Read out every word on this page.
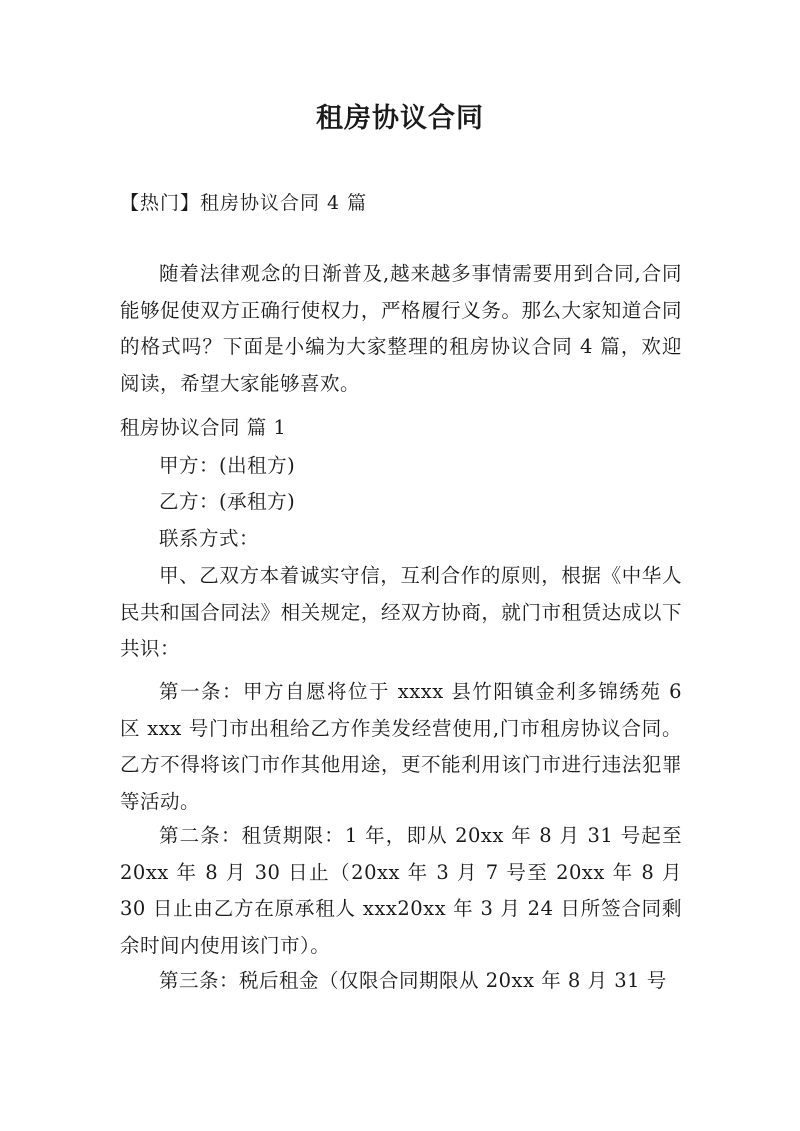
租房协议合同
【热门】租房协议合同 4 篇

随着法律观念的日渐普及,越来越多事情需要用到合同,合同能够促使双方正确行使权力，严格履行义务。那么大家知道合同的格式吗？下面是小编为大家整理的租房协议合同 4 篇，欢迎阅读，希望大家能够喜欢。

租房协议合同 篇 1

甲方：(出租方)

乙方：(承租方)

联系方式：

甲、乙双方本着诚实守信，互利合作的原则，根据《中华人民共和国合同法》相关规定，经双方协商，就门市租赁达成以下共识：

第一条：甲方自愿将位于 xxxx 县竹阳镇金利多锦绣苑 6 区 xxx 号门市出租给乙方作美发经营使用,门市租房协议合同。乙方不得将该门市作其他用途，更不能利用该门市进行违法犯罪等活动。

第二条：租赁期限：1 年，即从 20xx 年 8 月 31 号起至 20xx 年 8 月 30 日止（20xx 年 3 月 7 号至 20xx 年 8 月 30 日止由乙方在原承租人 xxx20xx 年 3 月 24 日所签合同剩余时间内使用该门市）。

第三条：税后租金（仅限合同期限从 20xx 年 8 月 31 号
